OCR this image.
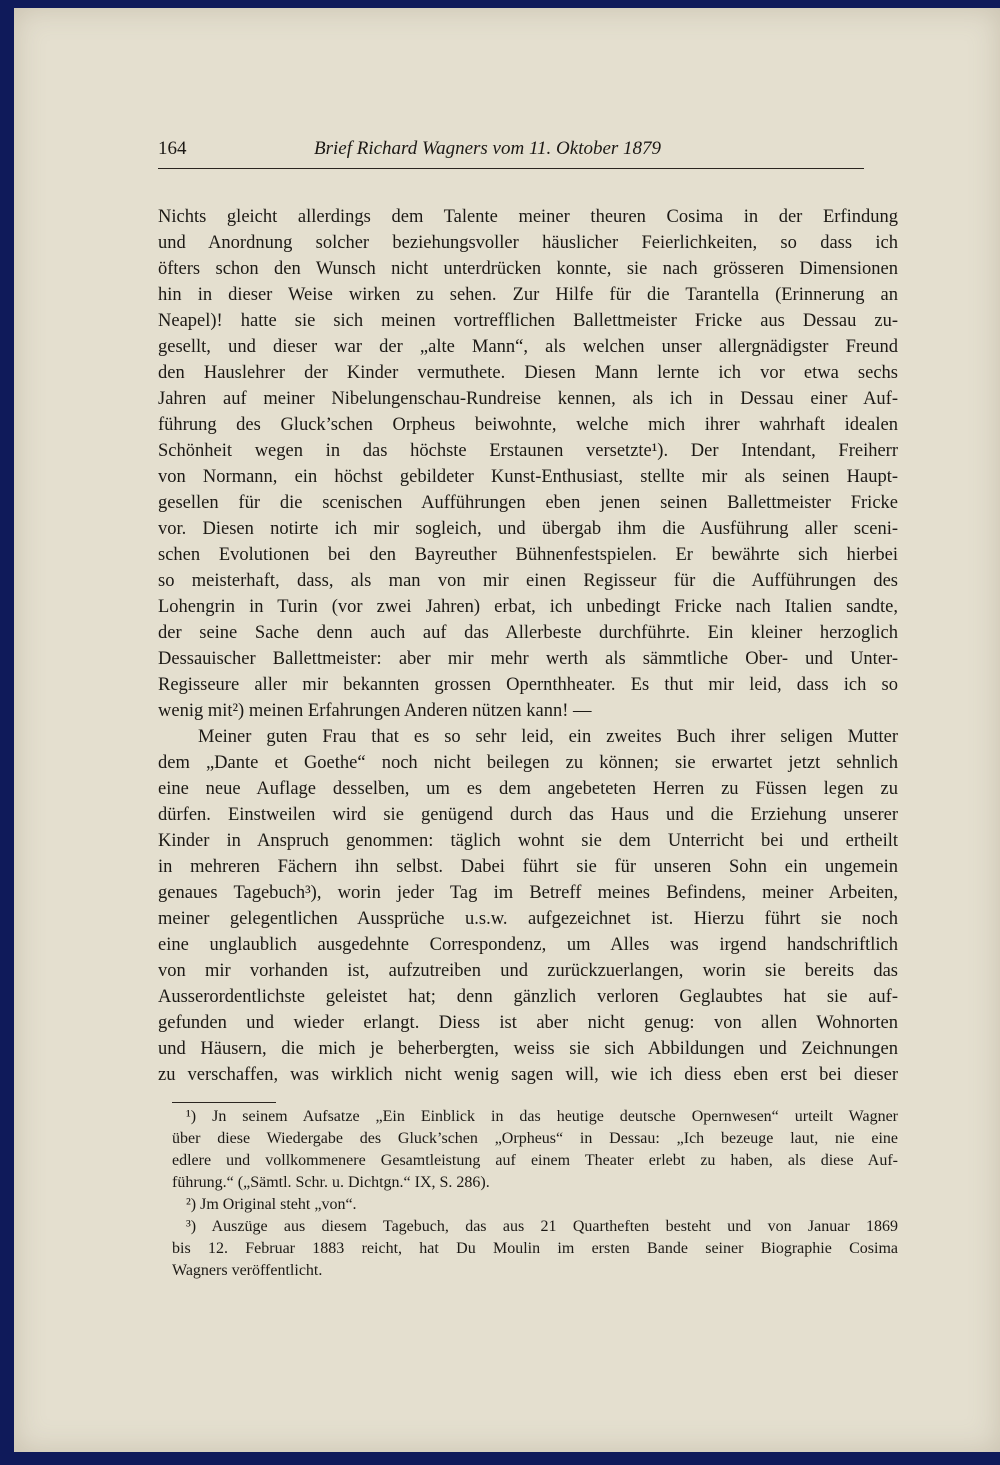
164	Brief Richard Wagners vom 11. Oktober 1879
Nichts gleicht allerdings dem Talente meiner theuren Cosima in der Erfindung
und Anordnung solcher beziehungsvoller häuslicher Feierlichkeiten, so dass ich
öfters schon den Wunsch nicht unterdrücken konnte, sie nach grösseren Dimensionen
hin in dieser Weise wirken zu sehen. Zur Hilfe für die Tarantella (Erinnerung an
Neapel)! hatte sie sich meinen vortrefflichen Ballettmeister Fricke aus Dessau zu-
gesellt, und dieser war der „alte Mann“, als welchen unser allergnädigster Freund
den Hauslehrer der Kinder vermuthete. Diesen Mann lernte ich vor etwa sechs
Jahren auf meiner Nibelungenschau-Rundreise kennen, als ich in Dessau einer Auf-
führung des Gluck’schen Orpheus beiwohnte, welche mich ihrer wahrhaft idealen
Schönheit wegen in das höchste Erstaunen versetzte¹). Der Intendant, Freiherr
von Normann, ein höchst gebildeter Kunst-Enthusiast, stellte mir als seinen Haupt-
gesellen für die scenischen Aufführungen eben jenen seinen Ballettmeister Fricke
vor. Diesen notirte ich mir sogleich, und übergab ihm die Ausführung aller sceni-
schen Evolutionen bei den Bayreuther Bühnenfestspielen. Er bewährte sich hierbei
so meisterhaft, dass, als man von mir einen Regisseur für die Aufführungen des
Lohengrin in Turin (vor zwei Jahren) erbat, ich unbedingt Fricke nach Italien sandte,
der seine Sache denn auch auf das Allerbeste durchführte. Ein kleiner herzoglich
Dessauischer Ballettmeister: aber mir mehr werth als sämmtliche Ober- und Unter-
Regisseure aller mir bekannten grossen Opernthheater. Es thut mir leid, dass ich so
wenig mit²) meinen Erfahrungen Anderen nützen kann! —
Meiner guten Frau that es so sehr leid, ein zweites Buch ihrer seligen Mutter
dem „Dante et Goethe“ noch nicht beilegen zu können; sie erwartet jetzt sehnlich
eine neue Auflage desselben, um es dem angebeteten Herren zu Füssen legen zu
dürfen. Einstweilen wird sie genügend durch das Haus und die Erziehung unserer
Kinder in Anspruch genommen: täglich wohnt sie dem Unterricht bei und ertheilt
in mehreren Fächern ihn selbst. Dabei führt sie für unseren Sohn ein ungemein
genaues Tagebuch³), worin jeder Tag im Betreff meines Befindens, meiner Arbeiten,
meiner gelegentlichen Aussprüche u.s.w. aufgezeichnet ist. Hierzu führt sie noch
eine unglaublich ausgedehnte Correspondenz, um Alles was irgend handschriftlich
von mir vorhanden ist, aufzutreiben und zurückzuerlangen, worin sie bereits das
Ausserordentlichste geleistet hat; denn gänzlich verloren Geglaubtes hat sie auf-
gefunden und wieder erlangt. Diess ist aber nicht genug: von allen Wohnorten
und Häusern, die mich je beherbergten, weiss sie sich Abbildungen und Zeichnungen
zu verschaffen, was wirklich nicht wenig sagen will, wie ich diess eben erst bei dieser
¹) Jn seinem Aufsatze „Ein Einblick in das heutige deutsche Opernwesen“ urteilt Wagner
über diese Wiedergabe des Gluck’schen „Orpheus“ in Dessau: „Ich bezeuge laut, nie eine
edlere und vollkommenere Gesamtleistung auf einem Theater erlebt zu haben, als diese Auf-
führung.“ („Sämtl. Schr. u. Dichtgn.“ IX, S. 286).
²) Jm Original steht „von“.
³) Auszüge aus diesem Tagebuch, das aus 21 Quartheften besteht und von Januar 1869
bis 12. Februar 1883 reicht, hat Du Moulin im ersten Bande seiner Biographie Cosima
Wagners veröffentlicht.
